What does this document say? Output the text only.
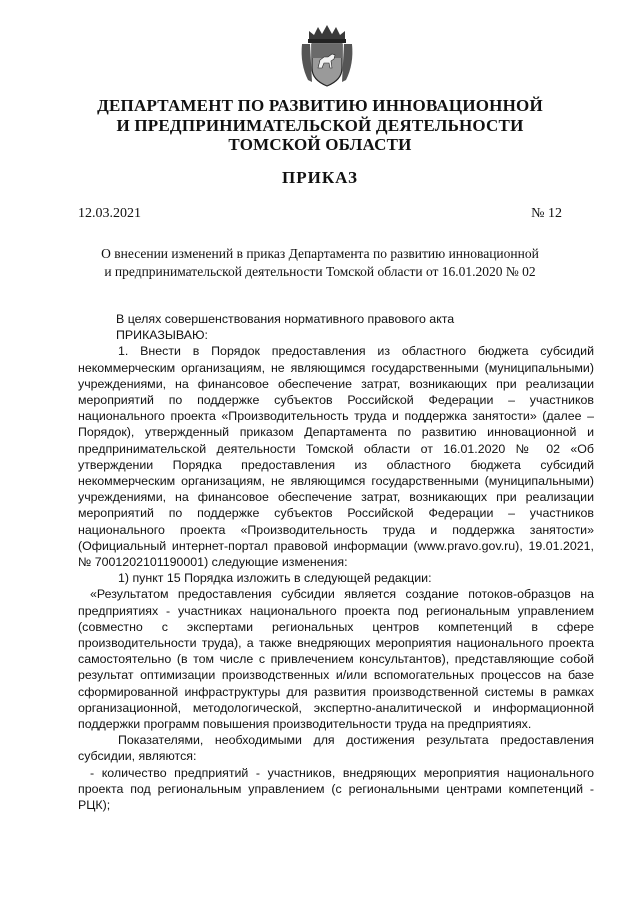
ДЕПАРТАМЕНТ ПО РАЗВИТИЮ ИННОВАЦИОННОЙ
И ПРЕДПРИНИМАТЕЛЬСКОЙ ДЕЯТЕЛЬНОСТИ
ТОМСКОЙ ОБЛАСТИ
ПРИКАЗ
12.03.2021	№ 12
О внесении изменений в приказ Департамента по развитию инновационной
и предпринимательской деятельности Томской области от 16.01.2020 № 02

В целях совершенствования нормативного правового акта

ПРИКАЗЫВАЮ:

1. Внести в Порядок предоставления из областного бюджета субсидий некоммерческим организациям, не являющимся государственными (муниципальными) учреждениями, на финансовое обеспечение затрат, возникающих при реализации мероприятий по поддержке субъектов Российской Федерации – участников национального проекта «Производительность труда и поддержка занятости» (далее – Порядок), утвержденный приказом Департамента по развитию инновационной и предпринимательской деятельности Томской области от 16.01.2020 № 02 «Об утверждении Порядка предоставления из областного бюджета субсидий некоммерческим организациям, не являющимся государственными (муниципальными) учреждениями, на финансовое обеспечение затрат, возникающих при реализации мероприятий по поддержке субъектов Российской Федерации – участников национального проекта «Производительность труда и поддержка занятости» (Официальный интернет-портал правовой информации (www.pravo.gov.ru), 19.01.2021, № 7001202101190001) следующие изменения:

1) пункт 15 Порядка изложить в следующей редакции:

«Результатом предоставления субсидии является создание потоков-образцов на предприятиях - участниках национального проекта под региональным управлением (совместно с экспертами региональных центров компетенций в сфере производительности труда), а также внедряющих мероприятия национального проекта самостоятельно (в том числе с привлечением консультантов), представляющие собой результат оптимизации производственных и/или вспомогательных процессов на базе сформированной инфраструктуры для развития производственной системы в рамках организационной, методологической, экспертно-аналитической и информационной поддержки программ повышения производительности труда на предприятиях.

Показателями, необходимыми для достижения результата предоставления субсидии, являются:

- количество предприятий - участников, внедряющих мероприятия национального проекта под региональным управлением (с региональными центрами компетенций - РЦК);
